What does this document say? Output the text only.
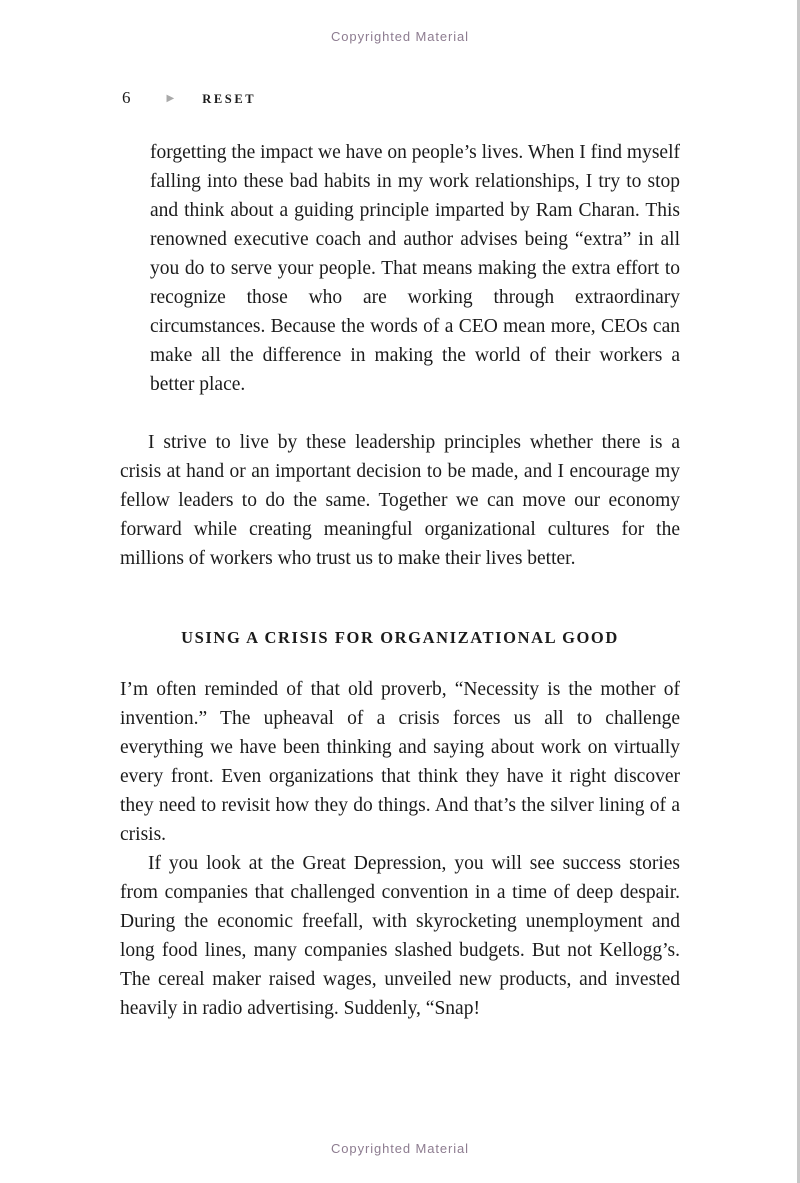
Copyrighted Material
6	▶ RESET
forgetting the impact we have on people’s lives. When I find myself falling into these bad habits in my work relationships, I try to stop and think about a guiding principle imparted by Ram Charan. This renowned executive coach and author advises being “extra” in all you do to serve your people. That means making the extra effort to recognize those who are working through extraordinary circumstances. Because the words of a CEO mean more, CEOs can make all the difference in making the world of their workers a better place.

I strive to live by these leadership principles whether there is a crisis at hand or an important decision to be made, and I encourage my fellow leaders to do the same. Together we can move our economy forward while creating meaningful organizational cultures for the millions of workers who trust us to make their lives better.

USING A CRISIS FOR ORGANIZATIONAL GOOD

I’m often reminded of that old proverb, “Necessity is the mother of invention.” The upheaval of a crisis forces us all to challenge everything we have been thinking and saying about work on virtually every front. Even organizations that think they have it right discover they need to revisit how they do things. And that’s the silver lining of a crisis.

If you look at the Great Depression, you will see success stories from companies that challenged convention in a time of deep despair. During the economic freefall, with skyrocketing unemployment and long food lines, many companies slashed budgets. But not Kellogg’s. The cereal maker raised wages, unveiled new products, and invested heavily in radio advertising. Suddenly, “Snap!

Copyrighted Material
